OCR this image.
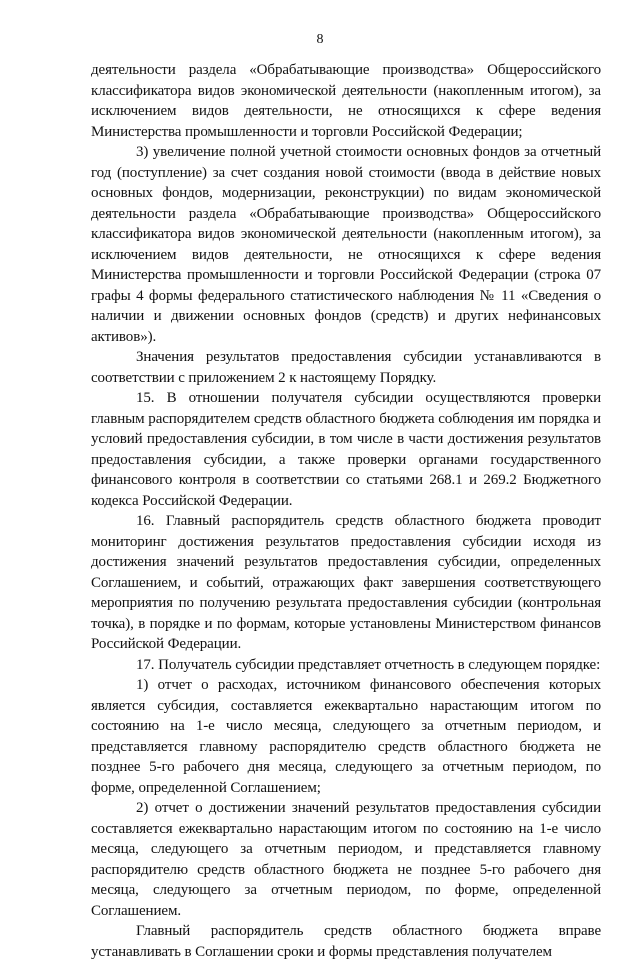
8

деятельности раздела «Обрабатывающие производства» Общероссийского классификатора видов экономической деятельности (накопленным итогом), за исключением видов деятельности, не относящихся к сфере ведения Министерства промышленности и торговли Российской Федерации;

3) увеличение полной учетной стоимости основных фондов за отчетный год (поступление) за счет создания новой стоимости (ввода в действие новых основных фондов, модернизации, реконструкции) по видам экономической деятельности раздела «Обрабатывающие производства» Общероссийского классификатора видов экономической деятельности (накопленным итогом), за исключением видов деятельности, не относящихся к сфере ведения Министерства промышленности и торговли Российской Федерации (строка 07 графы 4 формы федерального статистического наблюдения № 11 «Сведения о наличии и движении основных фондов (средств) и других нефинансовых активов»).

Значения результатов предоставления субсидии устанавливаются в соответствии с приложением 2 к настоящему Порядку.

15. В отношении получателя субсидии осуществляются проверки главным распорядителем средств областного бюджета соблюдения им порядка и условий предоставления субсидии, в том числе в части достижения результатов предоставления субсидии, а также проверки органами государственного финансового контроля в соответствии со статьями 268.1 и 269.2 Бюджетного кодекса Российской Федерации.

16. Главный распорядитель средств областного бюджета проводит мониторинг достижения результатов предоставления субсидии исходя из достижения значений результатов предоставления субсидии, определенных Соглашением, и событий, отражающих факт завершения соответствующего мероприятия по получению результата предоставления субсидии (контрольная точка), в порядке и по формам, которые установлены Министерством финансов Российской Федерации.

17. Получатель субсидии представляет отчетность в следующем порядке:

1) отчет о расходах, источником финансового обеспечения которых является субсидия, составляется ежеквартально нарастающим итогом по состоянию на 1-е число месяца, следующего за отчетным периодом, и представляется главному распорядителю средств областного бюджета не позднее 5-го рабочего дня месяца, следующего за отчетным периодом, по форме, определенной Соглашением;

2) отчет о достижении значений результатов предоставления субсидии составляется ежеквартально нарастающим итогом по состоянию на 1-е число месяца, следующего за отчетным периодом, и представляется главному распорядителю средств областного бюджета не позднее 5-го рабочего дня месяца, следующего за отчетным периодом, по форме, определенной Соглашением.

Главный распорядитель средств областного бюджета вправе устанавливать в Соглашении сроки и формы представления получателем
